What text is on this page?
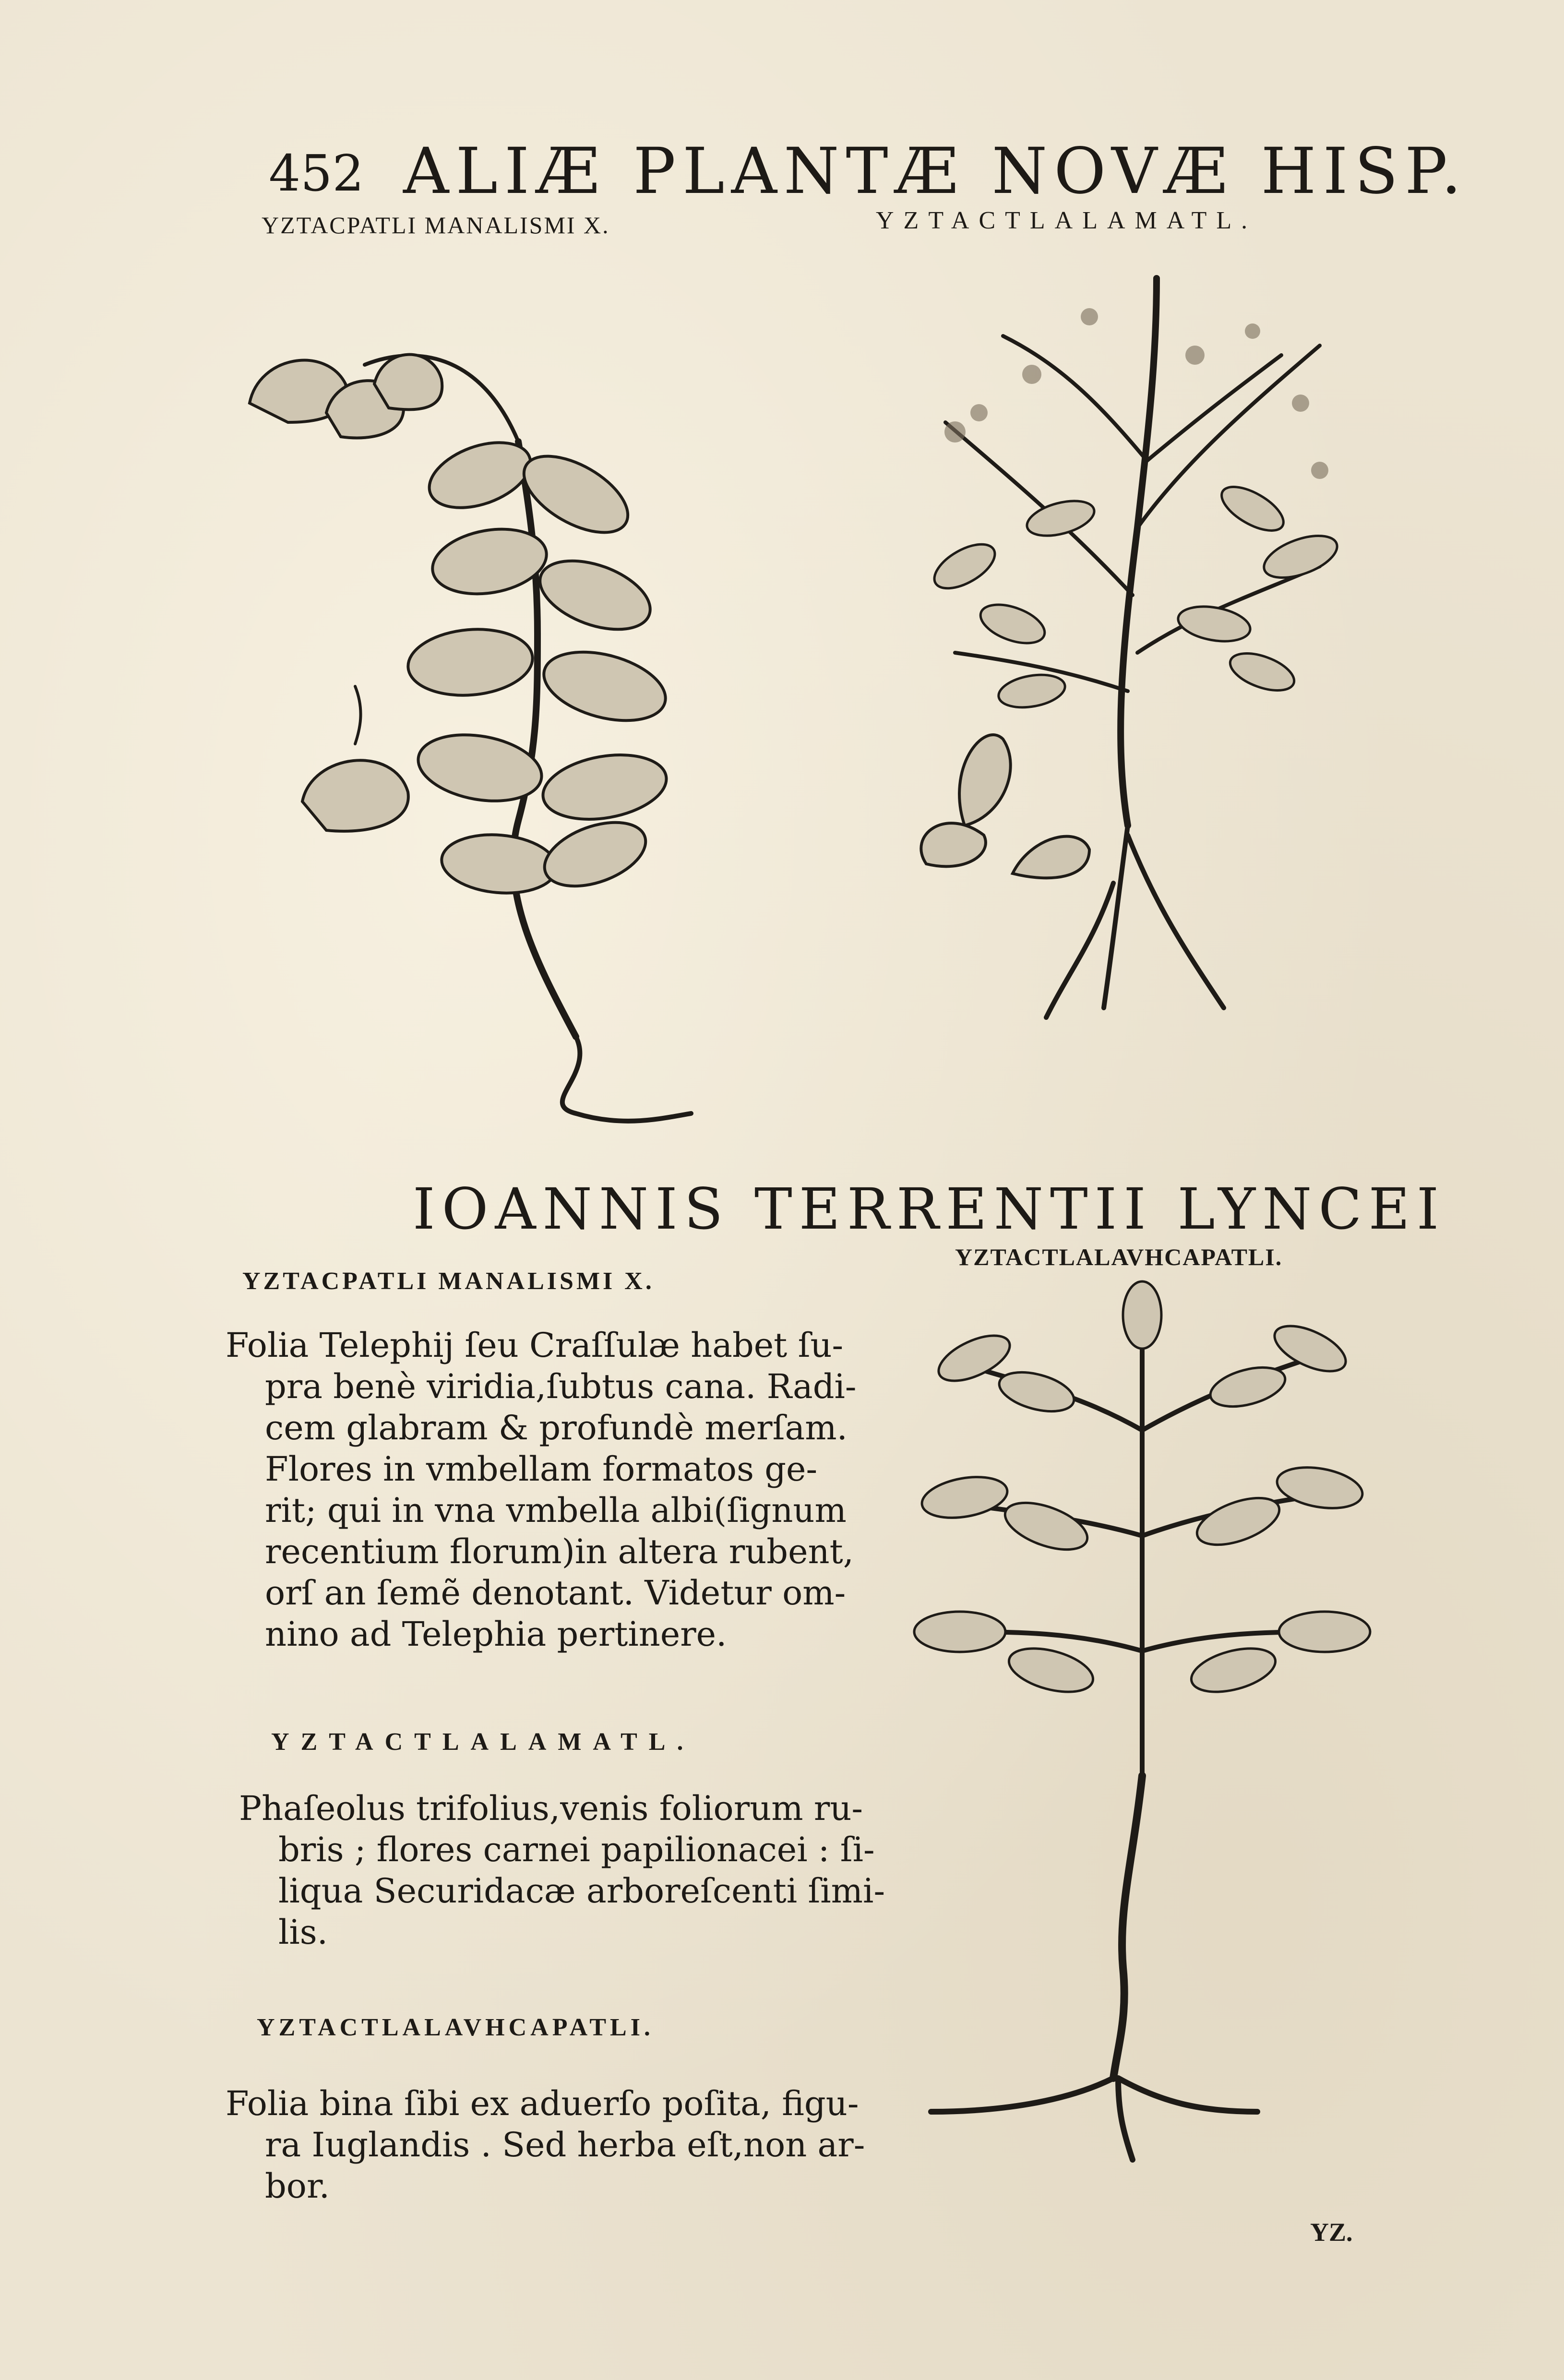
452 ALIÆ PLANTÆ NOVÆ HISP.
YZTACPATLI MANALISMI X.	YZTACTLALAMATL.
IOANNIS TERRENTII LYNCEI
YZTACTLALAVHCAPATLI.
YZTACPATLI MANALISMI X.
Folia Telephij ſeu Craſſulæ habet ſu-
pra benè viridia,ſubtus cana. Radi-
cem glabram & profundè merſam.
Flores in vmbellam formatos ge-
rit; qui in vna vmbella albi(ſignum
recentium florum)in altera rubent,
orſ an ſemẽ denotant. Videtur om-
nino ad Telephia pertinere.
YZTACTLALAMATL.
Phaſeolus trifolius,venis foliorum ru-
bris ; flores carnei papilionacei : ſi-
liqua Securidacæ arboreſcenti ſimi-
lis.
YZTACTLALAVHCAPATLI.
Folia bina ſibi ex aduerſo poſita, figu-
ra Iuglandis . Sed herba eſt,non ar-
bor.
YZ.
